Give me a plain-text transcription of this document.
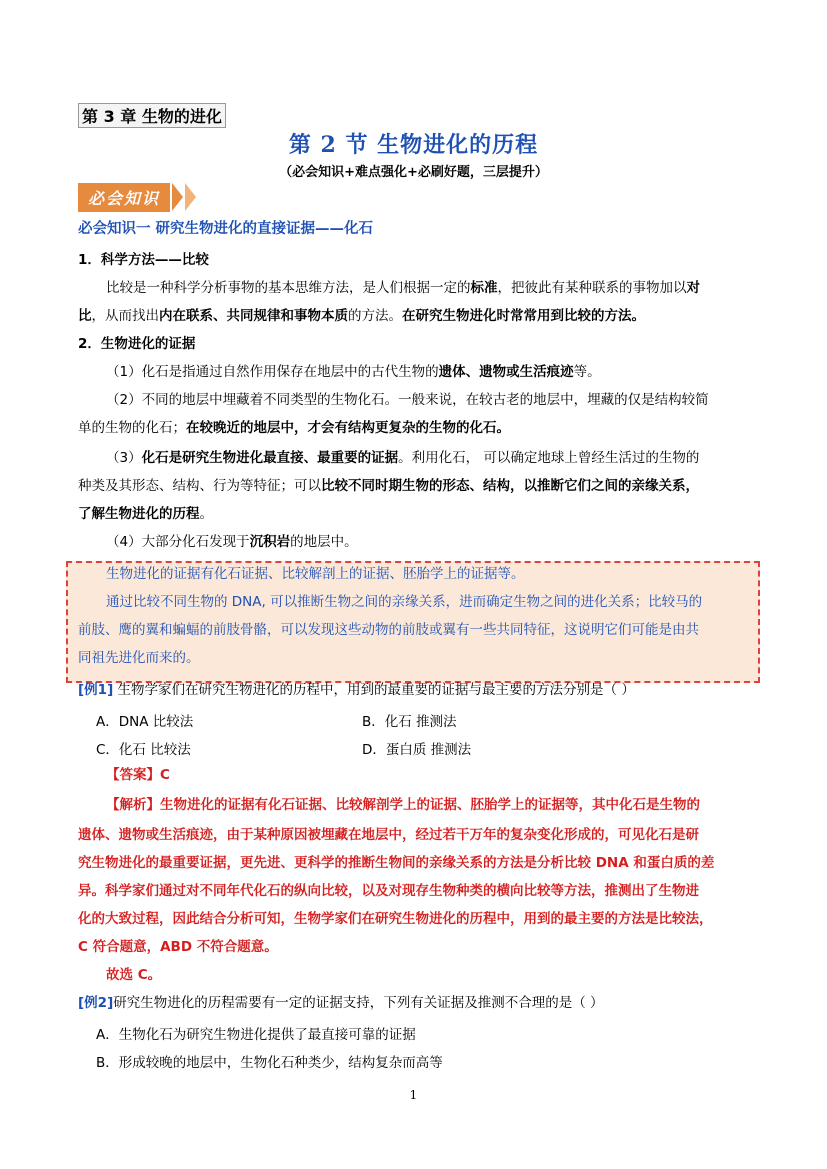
第 3 章 生物的进化
第 2 节 生物进化的历程
（必会知识+难点强化+必刷好题，三层提升）
必会知识
必会知识一 研究生物进化的直接证据——化石
1．科学方法——比较
比较是一种科学分析事物的基本思维方法，是人们根据一定的标准，把彼此有某种联系的事物加以对
比，从而找出内在联系、共同规律和事物本质的方法。在研究生物进化时常常用到比较的方法。
2．生物进化的证据
（1）化石是指通过自然作用保存在地层中的古代生物的遗体、遗物或生活痕迹等。
（2）不同的地层中埋藏着不同类型的生物化石。一般来说，在较古老的地层中，埋藏的仅是结构较简
单的生物的化石；在较晚近的地层中，才会有结构更复杂的生物的化石。
（3）化石是研究生物进化最直接、最重要的证据。利用化石， 可以确定地球上曾经生活过的生物的
种类及其形态、结构、行为等特征；可以比较不同时期生物的形态、结构，以推断它们之间的亲缘关系，
了解生物进化的历程。
（4）大部分化石发现于沉积岩的地层中。
生物进化的证据有化石证据、比较解剖上的证据、胚胎学上的证据等。
通过比较不同生物的 DNA, 可以推断生物之间的亲缘关系，进而确定生物之间的进化关系；比较马的
前肢、鹰的翼和蝙蝠的前肢骨骼，可以发现这些动物的前肢或翼有一些共同特征，这说明它们可能是由共
同祖先进化而来的。
[例1] 生物学家们在研究生物进化的历程中，用到的最重要的证据与最主要的方法分别是（ ）
A．DNA 比较法	B．化石 推测法
C．化石 比较法	D．蛋白质 推测法
【答案】C
【解析】生物进化的证据有化石证据、比较解剖学上的证据、胚胎学上的证据等，其中化石是生物的
遗体、遗物或生活痕迹，由于某种原因被埋藏在地层中，经过若干万年的复杂变化形成的，可见化石是研
究生物进化的最重要证据，更先进、更科学的推断生物间的亲缘关系的方法是分析比较 DNA 和蛋白质的差
异。科学家们通过对不同年代化石的纵向比较，以及对现存生物种类的横向比较等方法，推测出了生物进
化的大致过程，因此结合分析可知，生物学家们在研究生物进化的历程中，用到的最主要的方法是比较法，
C 符合题意，ABD 不符合题意。
故选 C。
[例2]研究生物进化的历程需要有一定的证据支持，下列有关证据及推测不合理的是（ ）
A．生物化石为研究生物进化提供了最直接可靠的证据
B．形成较晚的地层中，生物化石种类少，结构复杂而高等
1
